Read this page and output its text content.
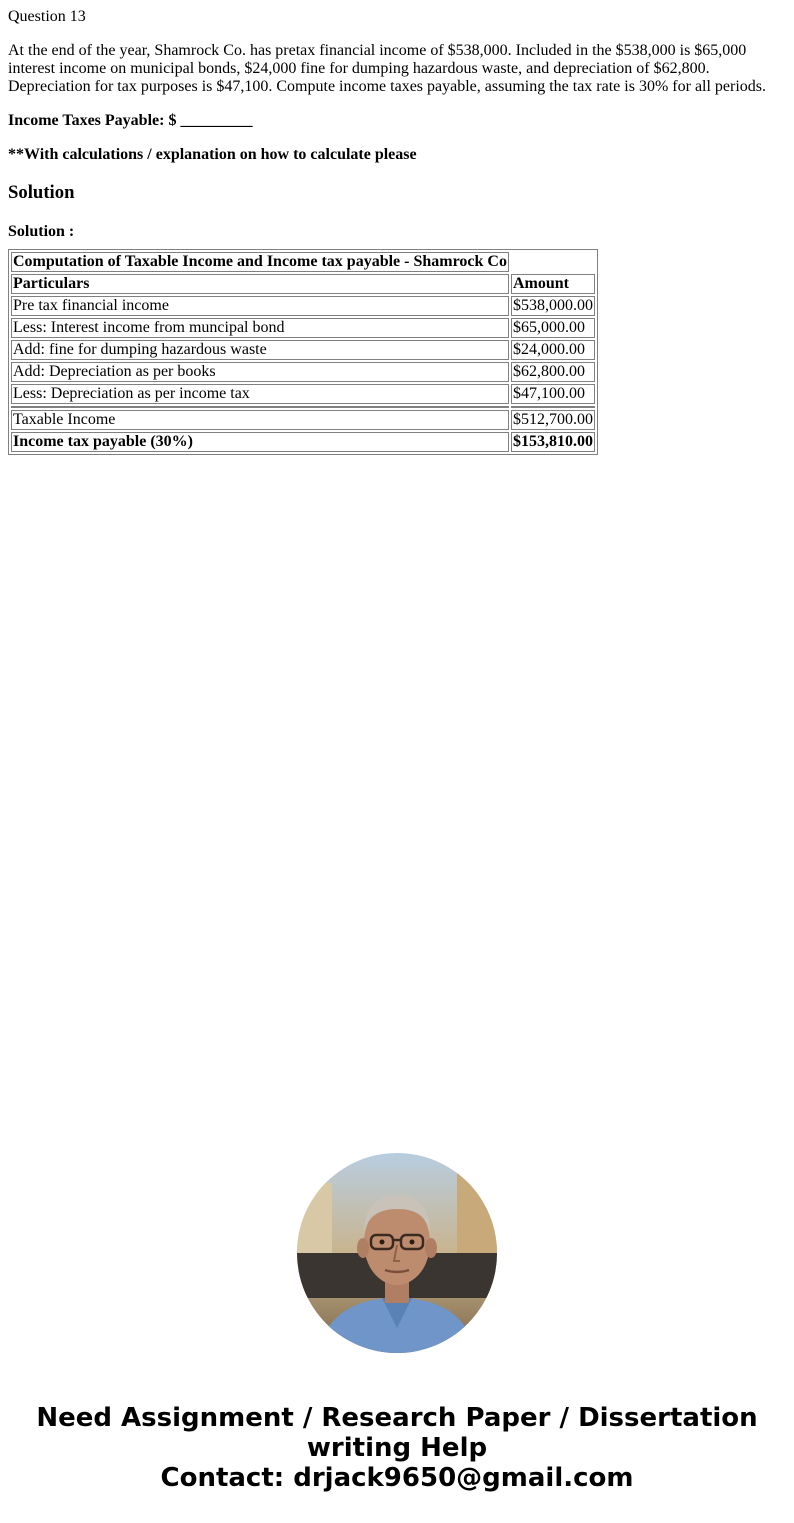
Question 13

At the end of the year, Shamrock Co. has pretax financial income of $538,000. Included in the $538,000 is $65,000 interest income on municipal bonds, $24,000 fine for dumping hazardous waste, and depreciation of $62,800. Depreciation for tax purposes is $47,100. Compute income taxes payable, assuming the tax rate is 30% for all periods.

Income Taxes Payable: $ _________

**With calculations / explanation on how to calculate please

Solution

Solution :

Computation of Taxable Income and Income tax payable - Shamrock Co	
Particulars	Amount
Pre tax financial income	$538,000.00
Less: Interest income from muncipal bond	$65,000.00
Add: fine for dumping hazardous waste	$24,000.00
Add: Depreciation as per books	$62,800.00
Less: Depreciation as per income tax	$47,100.00

Taxable Income	$512,700.00
Income tax payable (30%)	$153,810.00
Need Assignment / Research Paper / Dissertation
writing Help
Contact: drjack9650@gmail.com
